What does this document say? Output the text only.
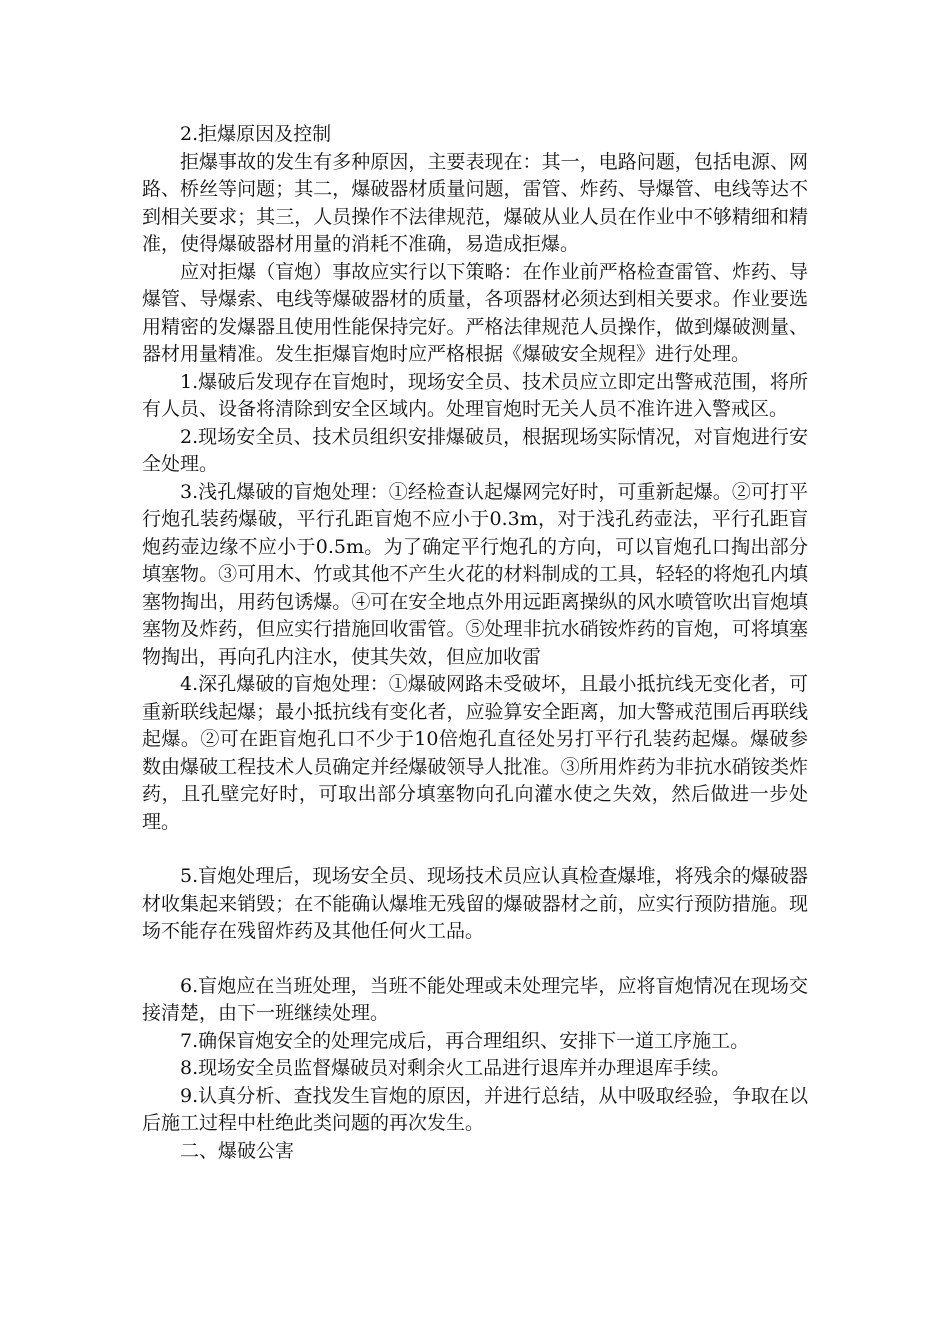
2.拒爆原因及控制

拒爆事故的发生有多种原因，主要表现在：其一，电路问题，包括电源、网路、桥丝等问题；其二，爆破器材质量问题，雷管、炸药、导爆管、电线等达不到相关要求；其三，人员操作不法律规范，爆破从业人员在作业中不够精细和精准，使得爆破器材用量的消耗不准确，易造成拒爆。

应对拒爆（盲炮）事故应实行以下策略：在作业前严格检查雷管、炸药、导爆管、导爆索、电线等爆破器材的质量，各项器材必须达到相关要求。作业要选用精密的发爆器且使用性能保持完好。严格法律规范人员操作，做到爆破测量、器材用量精准。发生拒爆盲炮时应严格根据《爆破安全规程》进行处理。

1.爆破后发现存在盲炮时，现场安全员、技术员应立即定出警戒范围，将所有人员、设备将清除到安全区域内。处理盲炮时无关人员不准许进入警戒区。

2.现场安全员、技术员组织安排爆破员，根据现场实际情况，对盲炮进行安全处理。

3.浅孔爆破的盲炮处理：①经检查认起爆网完好时，可重新起爆。②可打平行炮孔装药爆破，平行孔距盲炮不应小于0.3m，对于浅孔药壶法，平行孔距盲炮药壶边缘不应小于0.5m。为了确定平行炮孔的方向，可以盲炮孔口掏出部分填塞物。③可用木、竹或其他不产生火花的材料制成的工具，轻轻的将炮孔内填塞物掏出，用药包诱爆。④可在安全地点外用远距离操纵的风水喷管吹出盲炮填塞物及炸药，但应实行措施回收雷管。⑤处理非抗水硝铵炸药的盲炮，可将填塞物掏出，再向孔内注水，使其失效，但应加收雷

4.深孔爆破的盲炮处理：①爆破网路未受破坏，且最小抵抗线无变化者，可重新联线起爆；最小抵抗线有变化者，应验算安全距离，加大警戒范围后再联线起爆。②可在距盲炮孔口不少于10倍炮孔直径处另打平行孔装药起爆。爆破参数由爆破工程技术人员确定并经爆破领导人批准。③所用炸药为非抗水硝铵类炸药，且孔壁完好时，可取出部分填塞物向孔向灌水使之失效，然后做进一步处理。

5.盲炮处理后，现场安全员、现场技术员应认真检查爆堆，将残余的爆破器材收集起来销毁；在不能确认爆堆无残留的爆破器材之前，应实行预防措施。现场不能存在残留炸药及其他任何火工品。

6.盲炮应在当班处理，当班不能处理或未处理完毕，应将盲炮情况在现场交接清楚，由下一班继续处理。

7.确保盲炮安全的处理完成后，再合理组织、安排下一道工序施工。

8.现场安全员监督爆破员对剩余火工品进行退库并办理退库手续。

9.认真分析、查找发生盲炮的原因，并进行总结，从中吸取经验，争取在以后施工过程中杜绝此类问题的再次发生。

二、爆破公害
